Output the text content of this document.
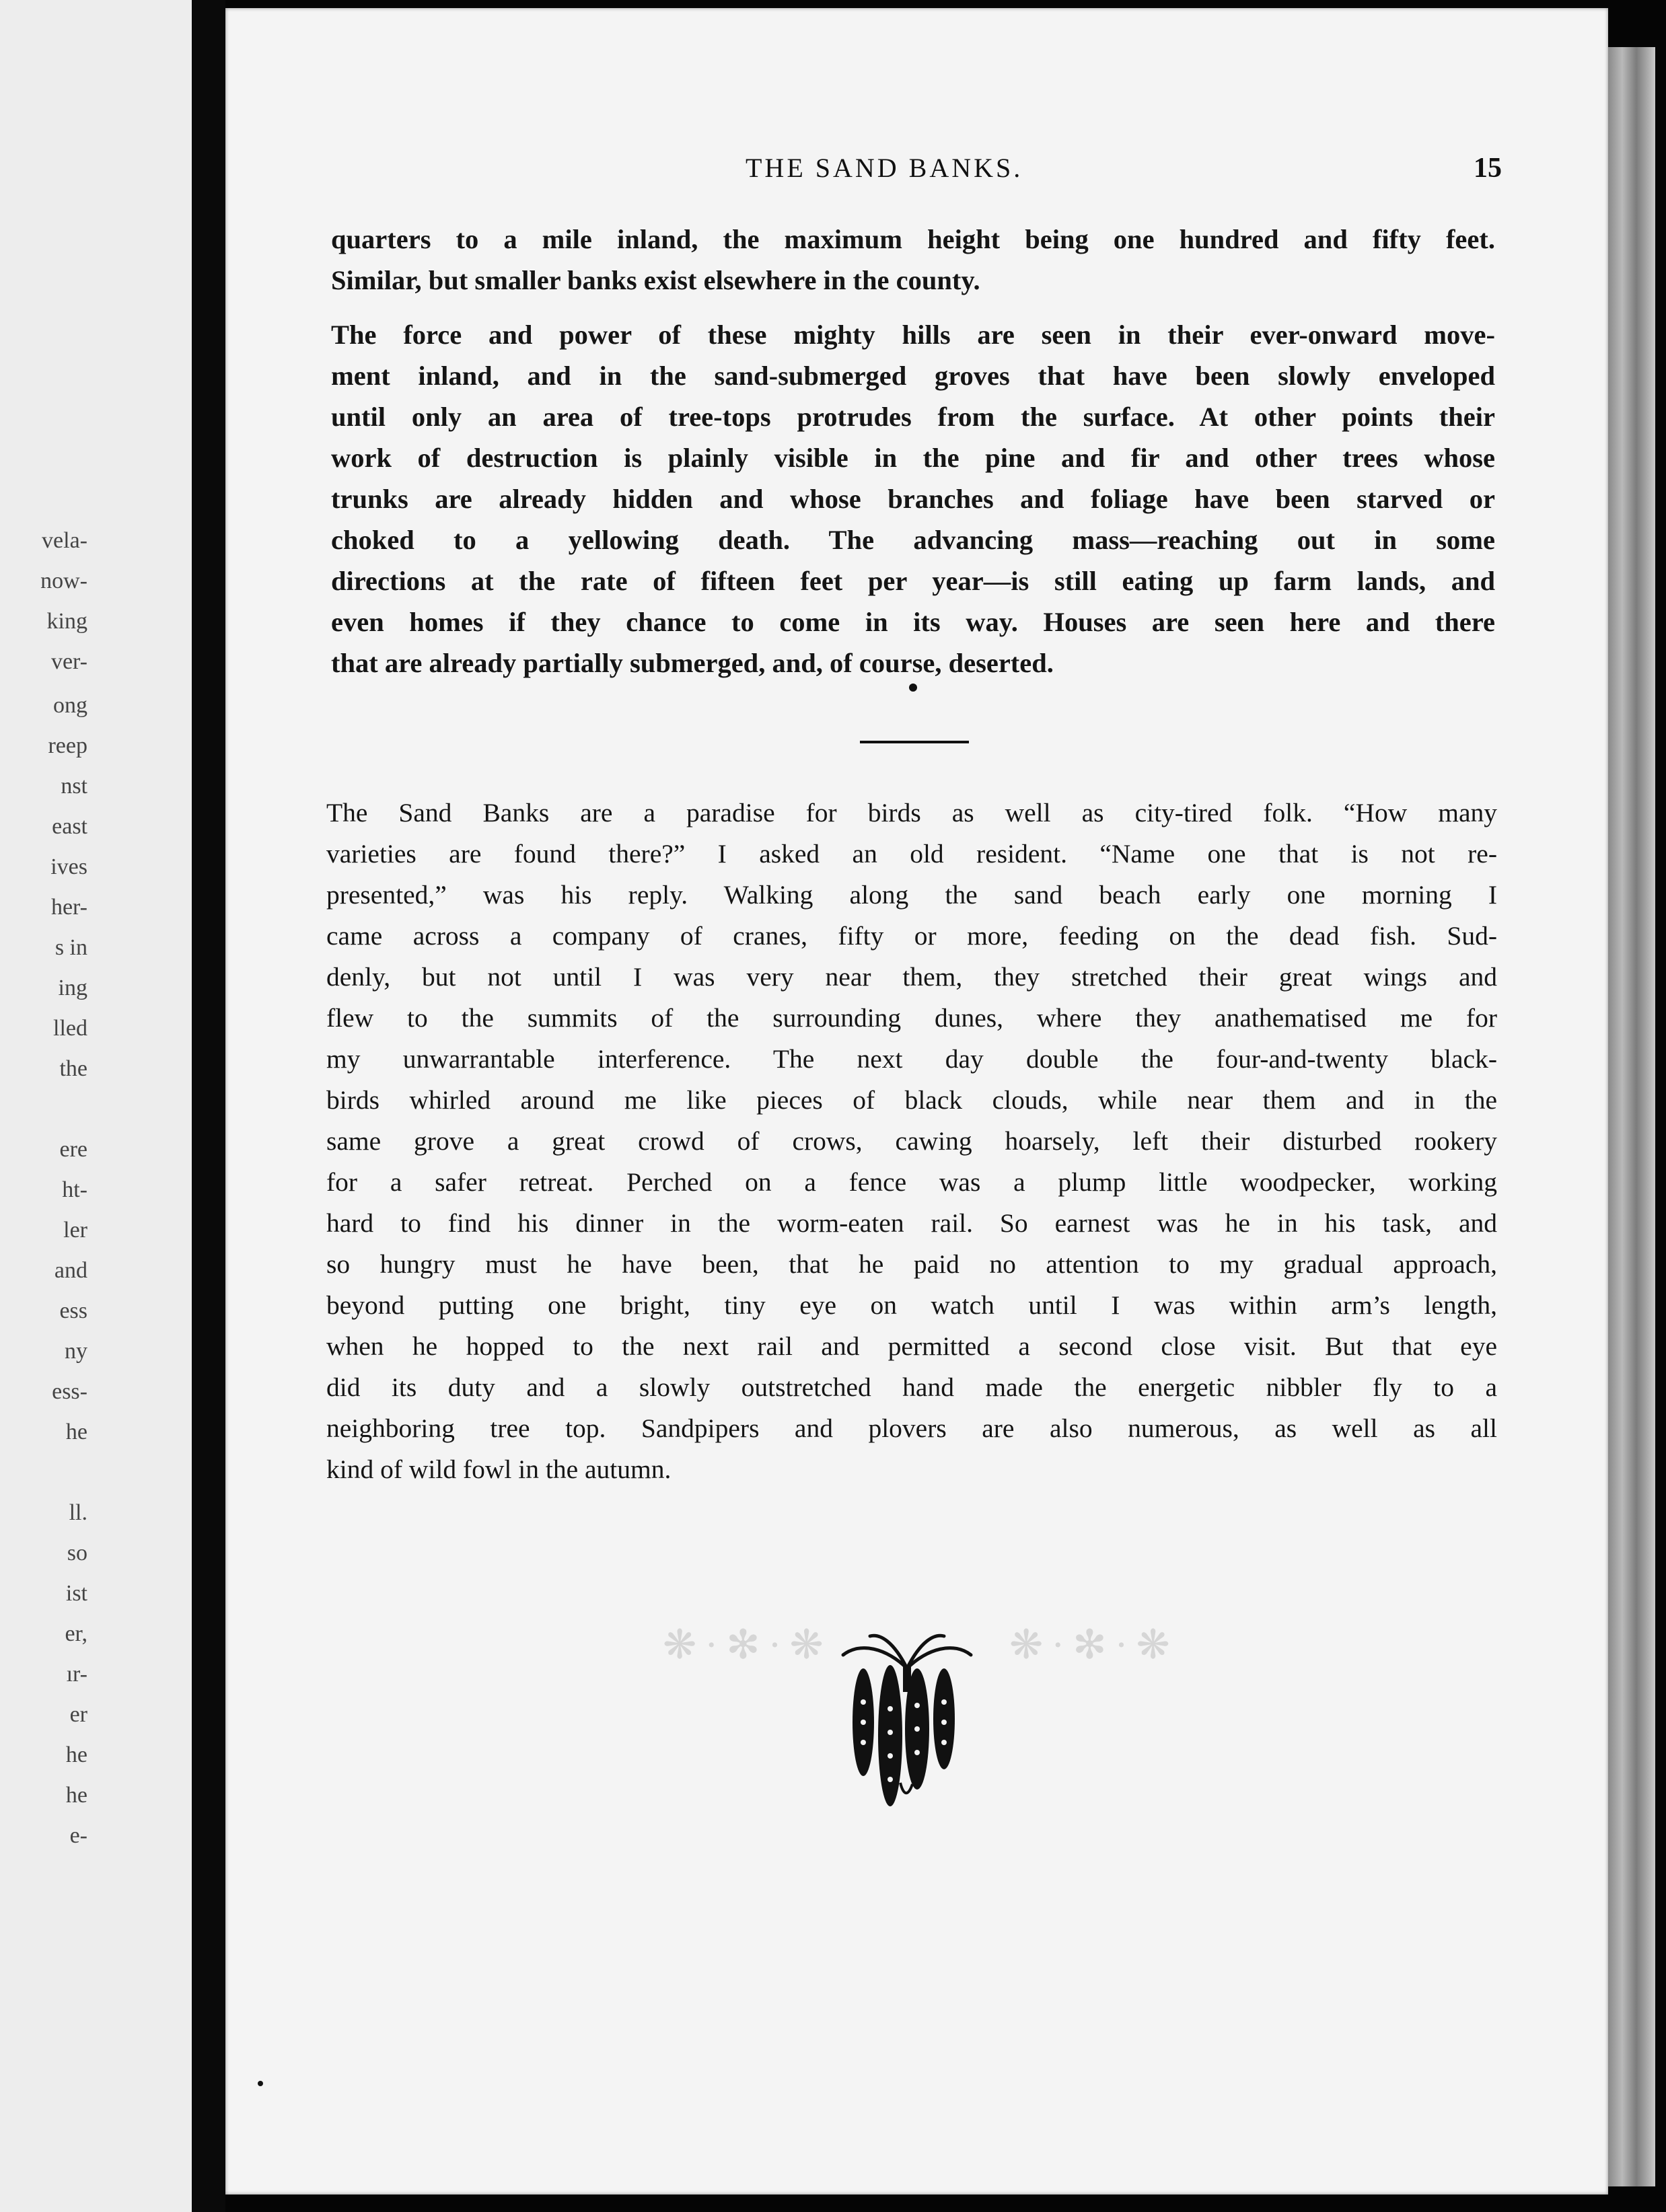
vela-
now-
king
ver-
ong
reep
nst
east
ives
her-
s in
ing
lled
the
ere
ht-
ler
and
ess
ny
ess-
he
ll.
so
ist
er,
ır-
er
he
he
e-
THE SAND BANKS.	15
quarters to a mile inland, the maximum height being one hundred and fifty feet.
Similar, but smaller banks exist elsewhere in the county.
The force and power of these mighty hills are seen in their ever-onward move-
ment inland, and in the sand-submerged groves that have been slowly enveloped
until only an area of tree-tops protrudes from the surface. At other points their
work of destruction is plainly visible in the pine and fir and other trees whose
trunks are already hidden and whose branches and foliage have been starved or
choked to a yellowing death. The advancing mass—reaching out in some
directions at the rate of fifteen feet per year—is still eating up farm lands, and
even homes if they chance to come in its way. Houses are seen here and there
that are already partially submerged, and, of course, deserted.
The Sand Banks are a paradise for birds as well as city-tired folk. “How many
varieties are found there?” I asked an old resident. “Name one that is not re-
presented,” was his reply. Walking along the sand beach early one morning I
came across a company of cranes, fifty or more, feeding on the dead fish. Sud-
denly, but not until I was very near them, they stretched their great wings and
flew to the summits of the surrounding dunes, where they anathematised me for
my unwarrantable interference. The next day double the four-and-twenty black-
birds whirled around me like pieces of black clouds, while near them and in the
same grove a great crowd of crows, cawing hoarsely, left their disturbed rookery
for a safer retreat. Perched on a fence was a plump little woodpecker, working
hard to find his dinner in the worm-eaten rail. So earnest was he in his task, and
so hungry must he have been, that he paid no attention to my gradual approach,
beyond putting one bright, tiny eye on watch until I was within arm’s length,
when he hopped to the next rail and permitted a second close visit. But that eye
did its duty and a slowly outstretched hand made the energetic nibbler fly to a
neighboring tree top. Sandpipers and plovers are also numerous, as well as all
kind of wild fowl in the autumn.
❋·✻·❋	❋·✻·❋
